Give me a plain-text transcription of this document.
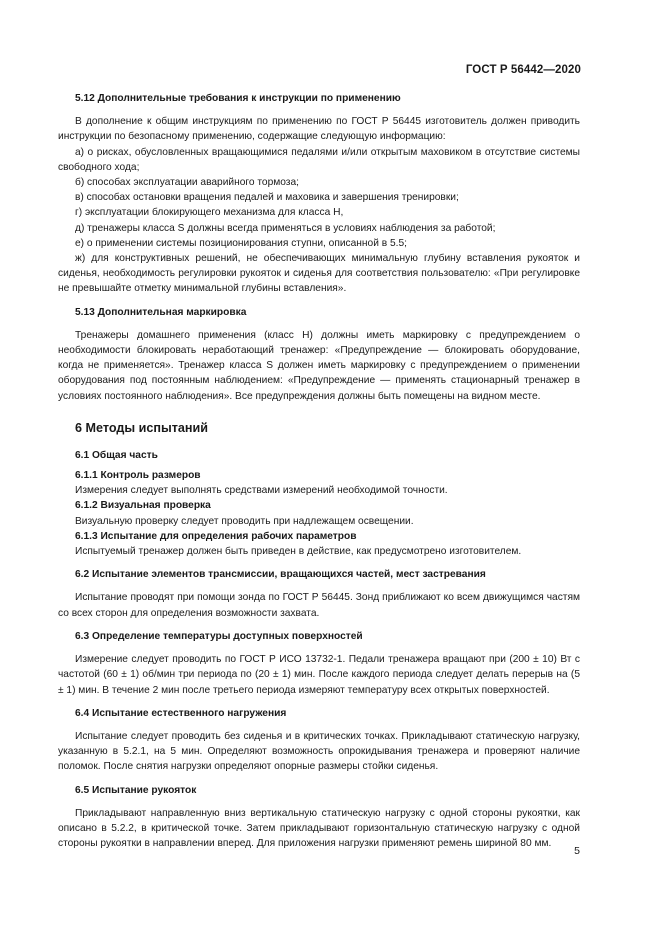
ГОСТ Р 56442—2020
5.12 Дополнительные требования к инструкции по применению

В дополнение к общим инструкциям по применению по ГОСТ Р 56445 изготовитель должен приводить инструкции по безопасному применению, содержащие следующую информацию:

а) о рисках, обусловленных вращающимися педалями и/или открытым маховиком в отсутствие системы свободного хода;

б) способах эксплуатации аварийного тормоза;

в) способах остановки вращения педалей и маховика и завершения тренировки;

г) эксплуатации блокирующего механизма для класса Н,

д) тренажеры класса S должны всегда применяться в условиях наблюдения за работой;

е) о применении системы позиционирования ступни, описанной в 5.5;

ж) для конструктивных решений, не обеспечивающих минимальную глубину вставления рукояток и сиденья, необходимость регулировки рукояток и сиденья для соответствия пользователю: «При регулировке не превышайте отметку минимальной глубины вставления».

5.13 Дополнительная маркировка

Тренажеры домашнего применения (класс Н) должны иметь маркировку с предупреждением о необходимости блокировать неработающий тренажер: «Предупреждение — блокировать оборудование, когда не применяется». Тренажер класса S должен иметь маркировку с предупреждением о применении оборудования под постоянным наблюдением: «Предупреждение — применять стационарный тренажер в условиях постоянного наблюдения». Все предупреждения должны быть помещены на видном месте.

6 Методы испытаний
6.1 Общая часть
6.1.1 Контроль размеров
Измерения следует выполнять средствами измерений необходимой точности.
6.1.2 Визуальная проверка
Визуальную проверку следует проводить при надлежащем освещении.
6.1.3 Испытание для определения рабочих параметров
Испытуемый тренажер должен быть приведен в действие, как предусмотрено изготовителем.
6.2 Испытание элементов трансмиссии, вращающихся частей, мест застревания

Испытание проводят при помощи зонда по ГОСТ Р 56445. Зонд приближают ко всем движущимся частям со всех сторон для определения возможности захвата.

6.3 Определение температуры доступных поверхностей

Измерение следует проводить по ГОСТ Р ИСО 13732-1. Педали тренажера вращают при (200 ± 10) Вт с частотой (60 ± 1) об/мин три периода по (20 ± 1) мин. После каждого периода следует делать перерыв на (5 ± 1) мин. В течение 2 мин после третьего периода измеряют температуру всех открытых поверхностей.

6.4 Испытание естественного нагружения

Испытание следует проводить без сиденья и в критических точках. Прикладывают статическую нагрузку, указанную в 5.2.1, на 5 мин. Определяют возможность опрокидывания тренажера и проверяют наличие поломок. После снятия нагрузки определяют опорные размеры стойки сиденья.

6.5 Испытание рукояток

Прикладывают направленную вниз вертикальную статическую нагрузку с одной стороны рукоятки, как описано в 5.2.2, в критической точке. Затем прикладывают горизонтальную статическую нагрузку с одной стороны рукоятки в направлении вперед. Для приложения нагрузки применяют ремень шириной 80 мм.

5
